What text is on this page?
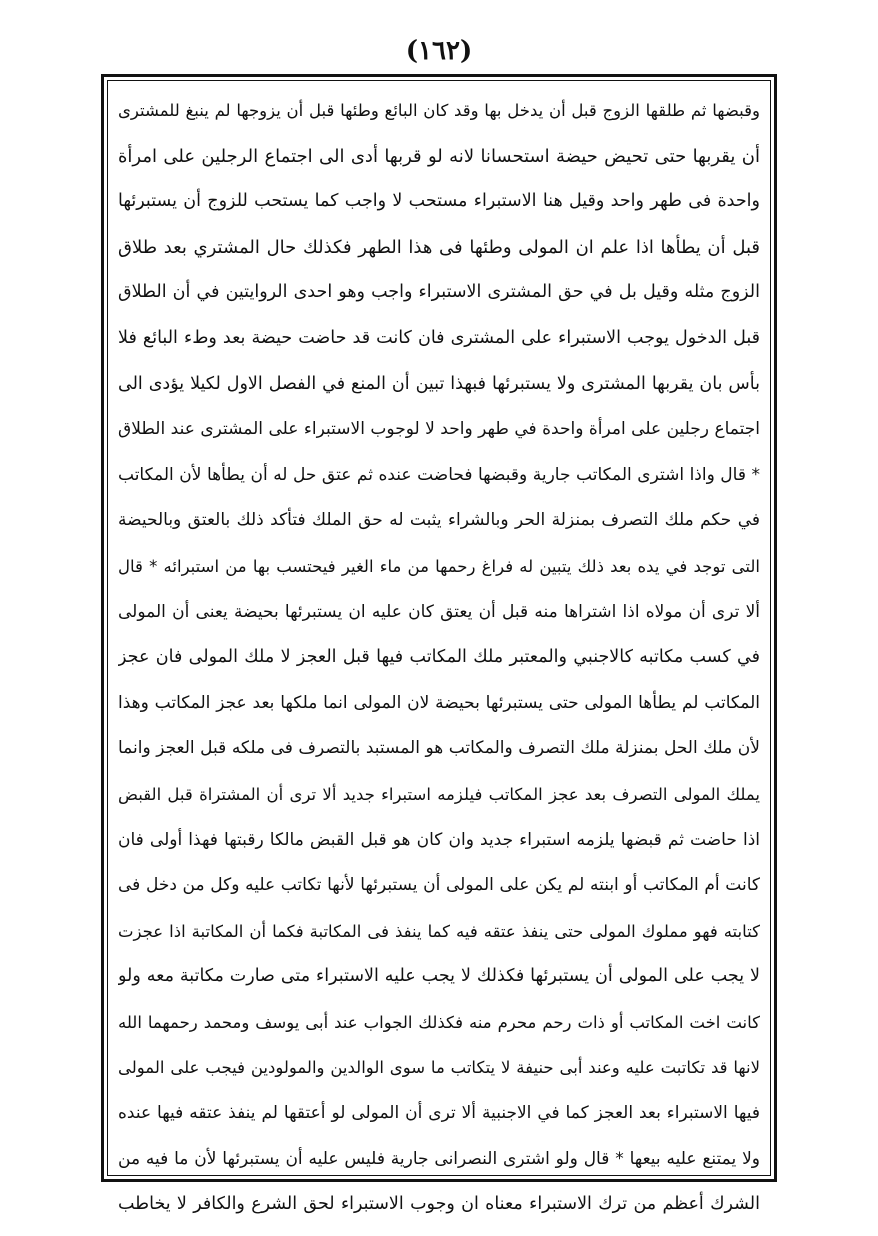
(١٦٢)
وقبضها ثم طلقها الزوج قبل أن يدخل بها وقد كان البائع وطئها قبل أن يزوجها لم ينبغ للمشترى
أن يقربها حتى تحيض حيضة استحسانا لانه لو قربها أدى الى اجتماع الرجلين على امرأة
واحدة فى طهر واحد وقيل هنا الاستبراء مستحب لا واجب كما يستحب للزوج أن يستبرئها
قبل أن يطأها اذا علم ان المولى وطئها فى هذا الطهر فكذلك حال المشتري بعد طلاق
الزوج مثله وقيل بل في حق المشترى الاستبراء واجب وهو احدى الروايتين في أن الطلاق
قبل الدخول يوجب الاستبراء على المشترى فان كانت قد حاضت حيضة بعد وطء البائع فلا
بأس بان يقربها المشترى ولا يستبرئها فبهذا تبين أن المنع في الفصل الاول لكيلا يؤدى الى
اجتماع رجلين على امرأة واحدة في طهر واحد لا لوجوب الاستبراء على المشترى عند الطلاق
* قال واذا اشترى المكاتب جارية وقبضها فحاضت عنده ثم عتق حل له أن يطأها لأن المكاتب
في حكم ملك التصرف بمنزلة الحر وبالشراء يثبت له حق الملك فتأكد ذلك بالعتق وبالحيضة
التى توجد في يده بعد ذلك يتبين له فراغ رحمها من ماء الغير فيحتسب بها من استبرائه * قال
ألا ترى أن مولاه اذا اشتراها منه قبل أن يعتق كان عليه ان يستبرئها بحيضة يعنى أن المولى
في كسب مكاتبه كالاجنبي والمعتبر ملك المكاتب فيها قبل العجز لا ملك المولى فان عجز
المكاتب لم يطأها المولى حتى يستبرئها بحيضة لان المولى انما ملكها بعد عجز المكاتب وهذا
لأن ملك الحل بمنزلة ملك التصرف والمكاتب هو المستبد بالتصرف فى ملكه قبل العجز وانما
يملك المولى التصرف بعد عجز المكاتب فيلزمه استبراء جديد ألا ترى أن المشتراة قبل القبض
اذا حاضت ثم قبضها يلزمه استبراء جديد وان كان هو قبل القبض مالكا رقبتها فهذا أولى فان
كانت أم المكاتب أو ابنته لم يكن على المولى أن يستبرئها لأنها تكاتب عليه وكل من دخل فى
كتابته فهو مملوك المولى حتى ينفذ عتقه فيه كما ينفذ فى المكاتبة فكما أن المكاتبة اذا عجزت
لا يجب على المولى أن يستبرئها فكذلك لا يجب عليه الاستبراء متى صارت مكاتبة معه ولو
كانت اخت المكاتب أو ذات رحم محرم منه فكذلك الجواب عند أبى يوسف ومحمد رحمهما الله
لانها قد تكاتبت عليه وعند أبى حنيفة لا يتكاتب ما سوى الوالدين والمولودين فيجب على المولى
فيها الاستبراء بعد العجز كما في الاجنبية ألا ترى أن المولى لو أعتقها لم ينفذ عتقه فيها عنده
ولا يمتنع عليه بيعها * قال ولو اشترى النصرانى جارية فليس عليه أن يستبرئها لأن ما فيه من
الشرك أعظم من ترك الاستبراء معناه ان وجوب الاستبراء لحق الشرع والكافر لا يخاطب
